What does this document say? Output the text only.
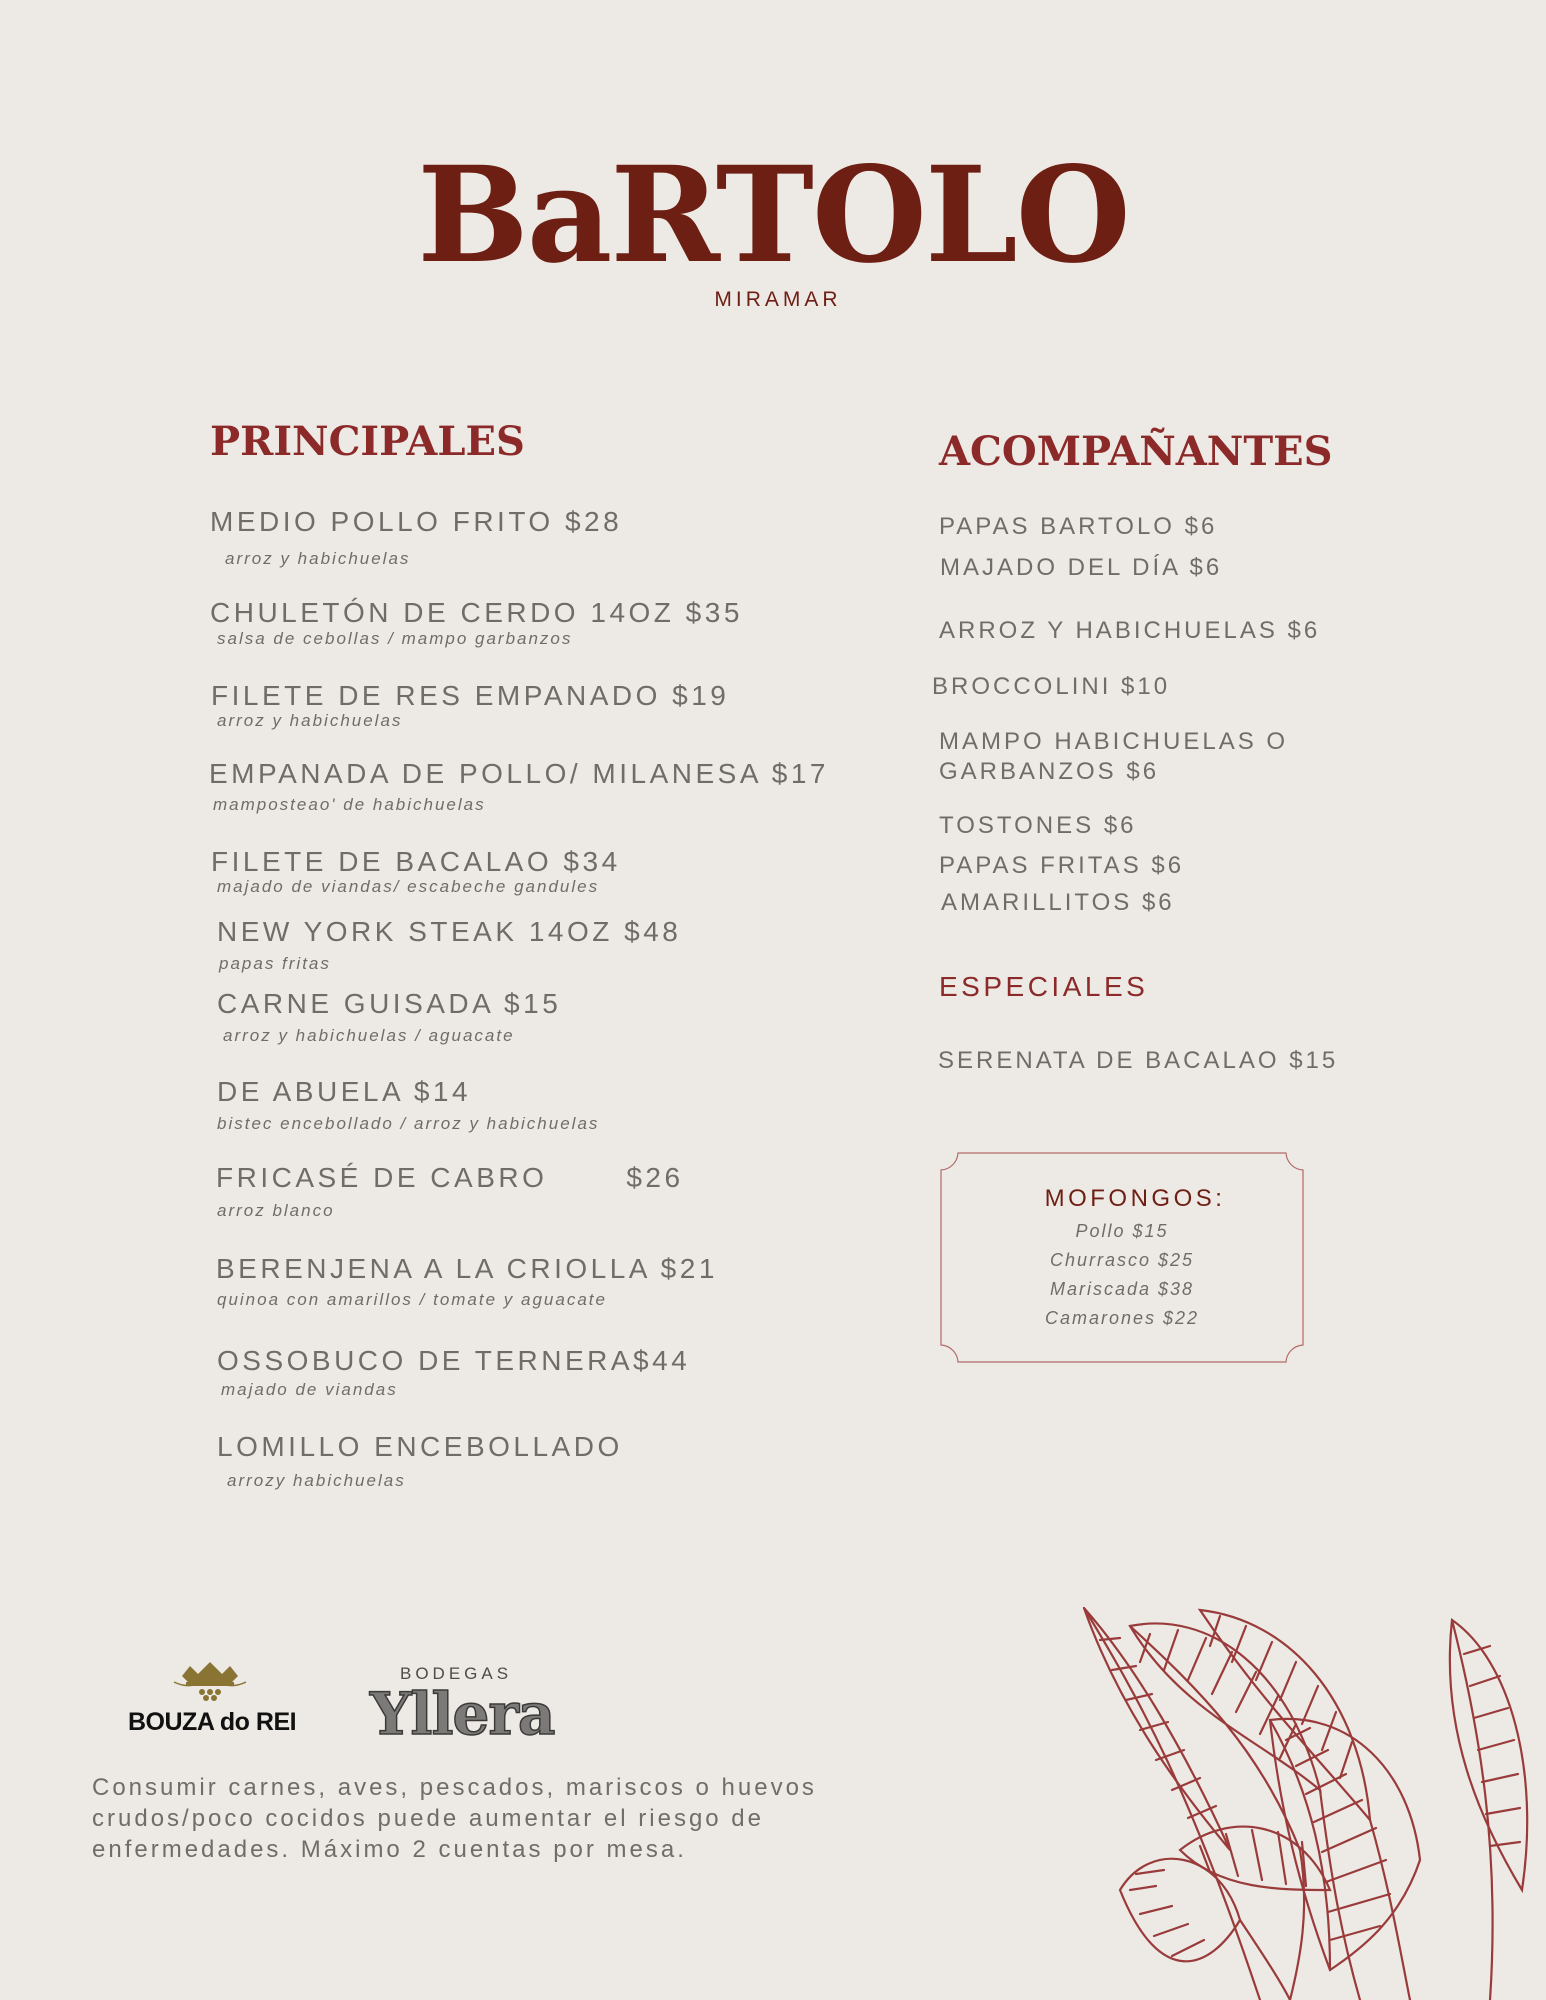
BaRTOLO
MIRAMAR
PRINCIPALES
MEDIO POLLO FRITO $28
arroz y habichuelas
CHULETÓN DE CERDO 14OZ $35
salsa de cebollas / mampo garbanzos
FILETE DE RES EMPANADO $19
arroz y habichuelas
EMPANADA DE POLLO/ MILANESA $17
mamposteao' de habichuelas
FILETE DE BACALAO $34
majado de viandas/ escabeche gandules
NEW YORK STEAK 14OZ $48
papas fritas
CARNE GUISADA $15
arroz y habichuelas / aguacate
DE ABUELA $14
bistec encebollado / arroz y habichuelas
FRICASÉ DE CABRO       $26
arroz blanco
BERENJENA A LA CRIOLLA $21
quinoa con amarillos / tomate y aguacate
OSSOBUCO DE TERNERA$44
majado de viandas
LOMILLO ENCEBOLLADO
arrozy habichuelas
ACOMPAÑANTES
PAPAS BARTOLO $6
MAJADO DEL DÍA $6
ARROZ Y HABICHUELAS $6
BROCCOLINI $10
MAMPO HABICHUELAS O
GARBANZOS $6
TOSTONES $6
PAPAS FRITAS $6
AMARILLITOS $6
ESPECIALES
SERENATA DE BACALAO $15
MOFONGOS:
Pollo $15
Churrasco $25
Mariscada $38
Camarones $22
BOUZA do REI
BODEGAS
Yllera
Consumir carnes, aves, pescados, mariscos o huevos
crudos/poco cocidos puede aumentar el riesgo de
enfermedades. Máximo 2 cuentas por mesa.
